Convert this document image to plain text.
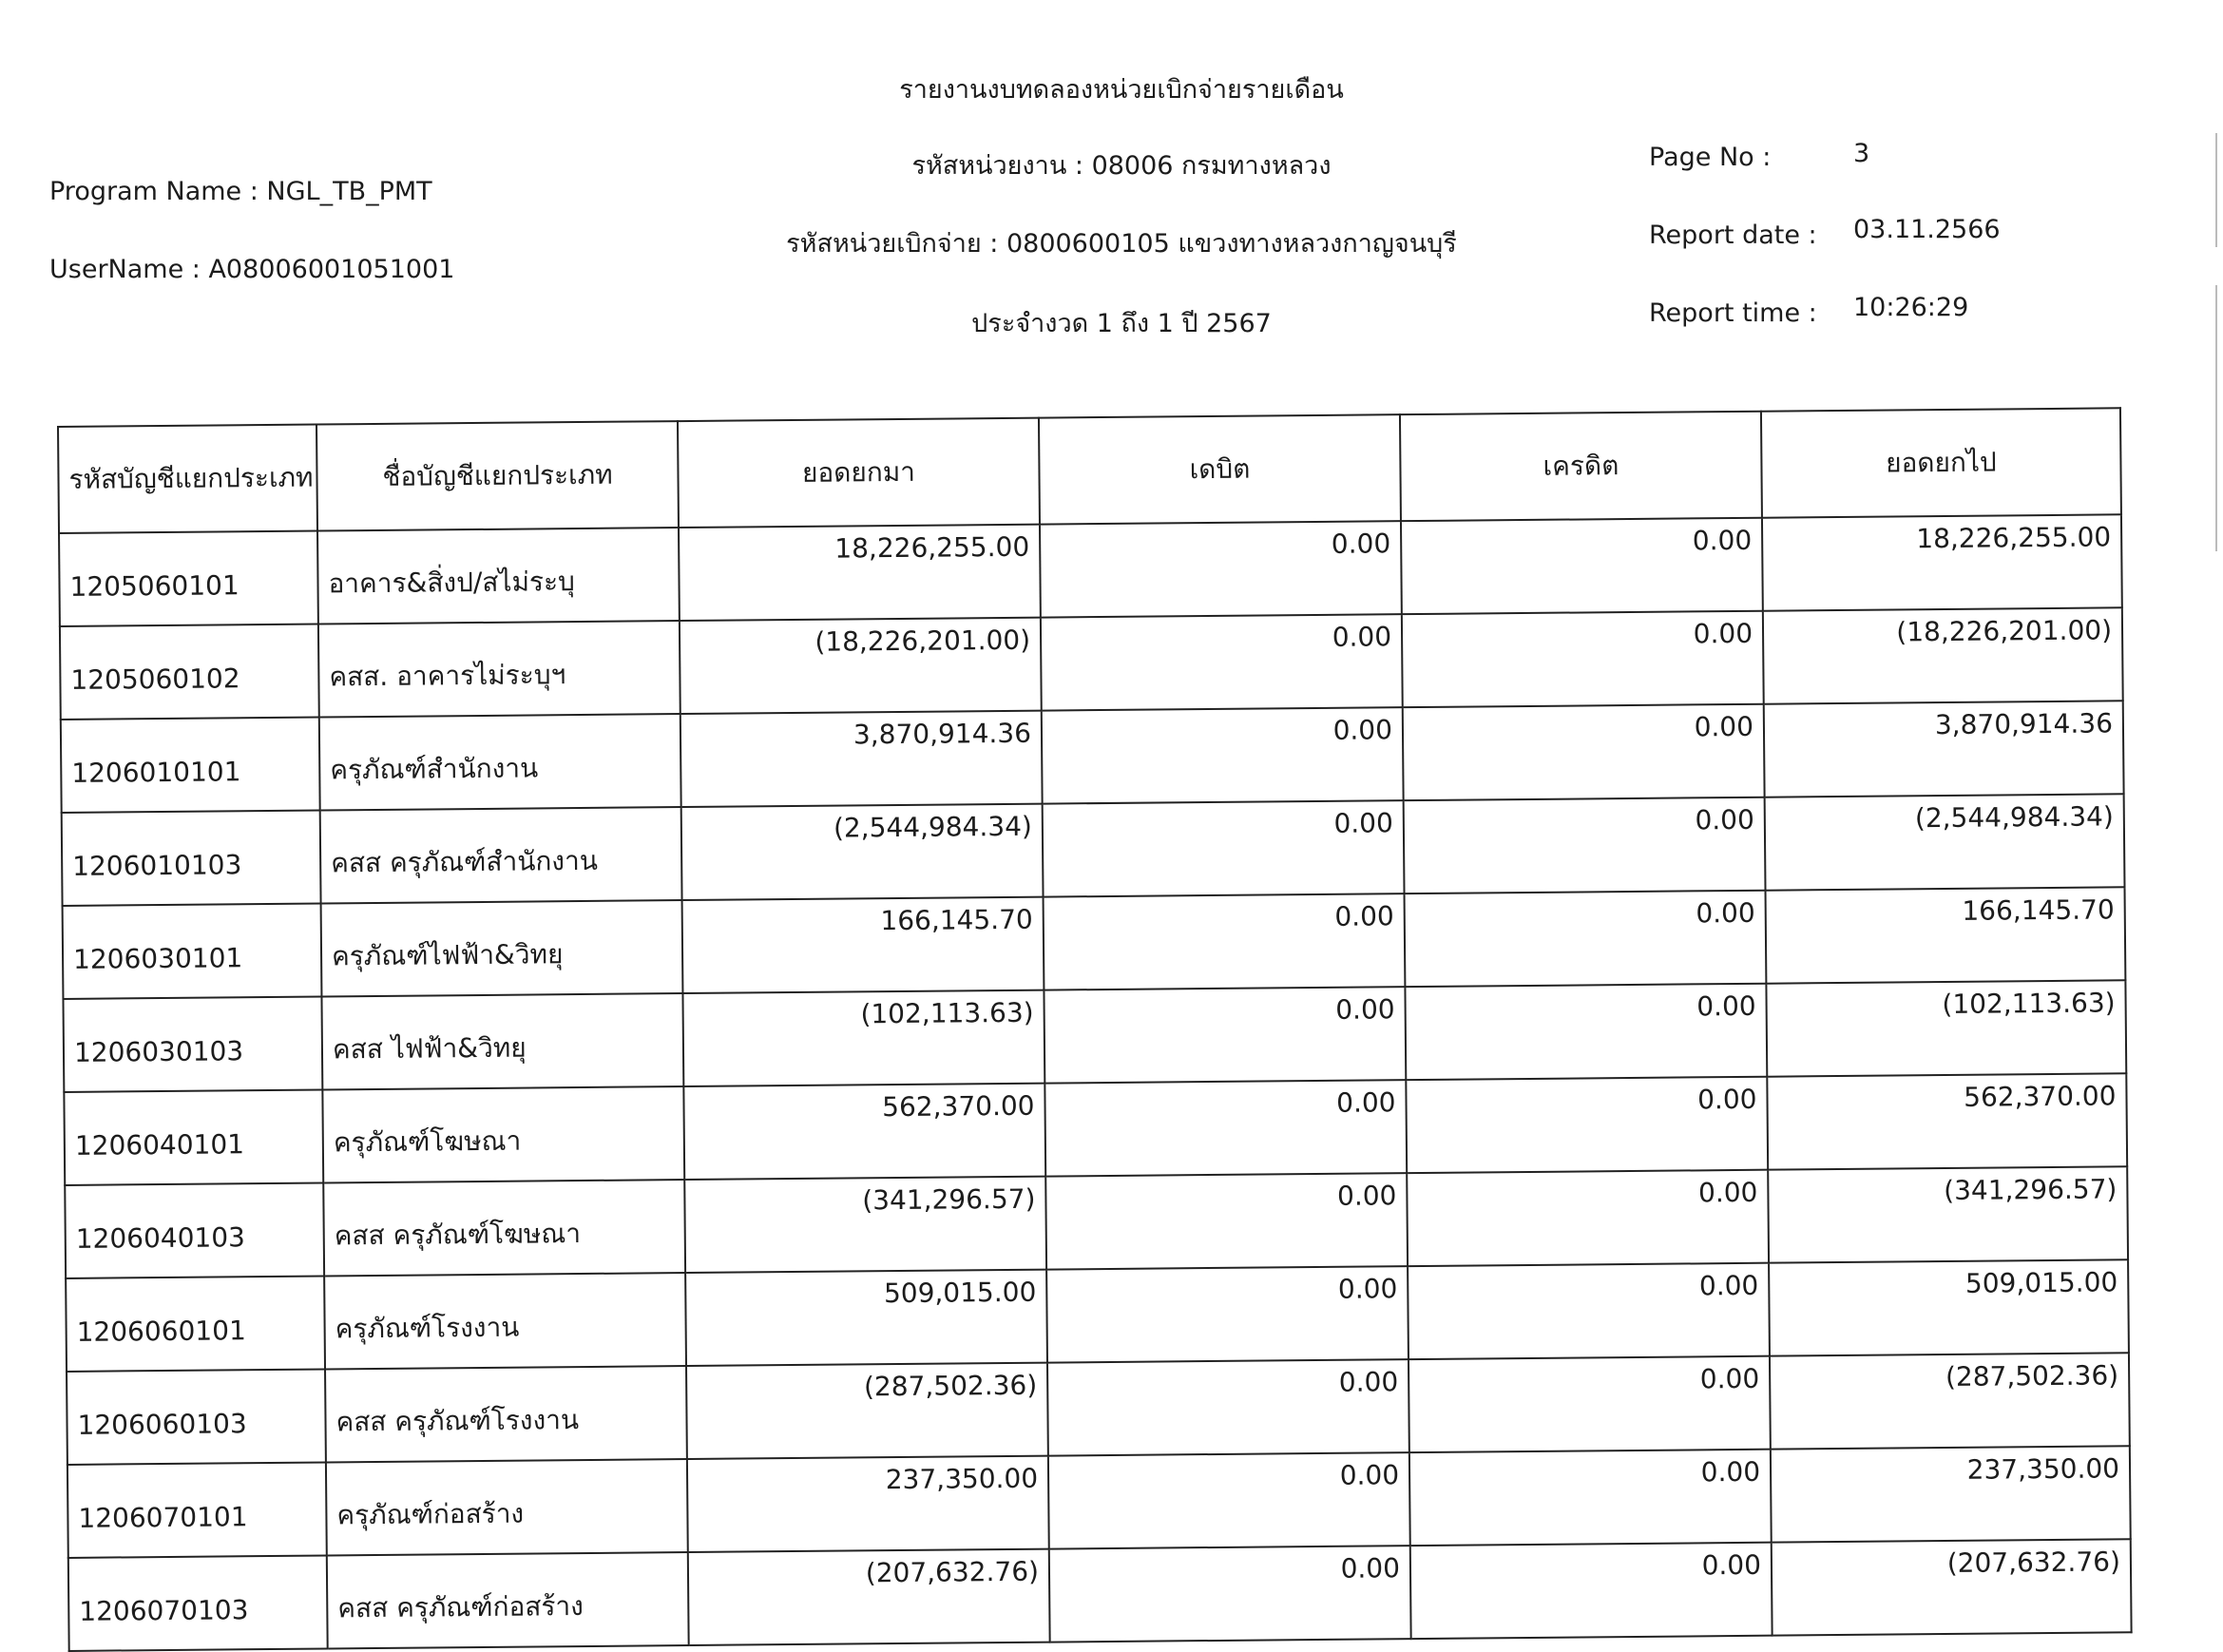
รายงานงบทดลองหน่วยเบิกจ่ายรายเดือน
รหัสหน่วยงาน : 08006 กรมทางหลวง
รหัสหน่วยเบิกจ่าย : 0800600105 แขวงทางหลวงกาญจนบุรี
ประจำงวด 1 ถึง 1 ปี 2567
Program Name : NGL_TB_PMT
UserName : A08006001051001
Page No :	3
Report date : 03.11.2566
Report time : 10:26:29
รหัสบัญชีแยกประเภท	ชื่อบัญชีแยกประเภท	ยอดยกมา	เดบิต	เครดิต	ยอดยกไป
1205060101	อาคาร&สิ่งป/สไม่ระบุ	18,226,255.00	0.00	0.00	18,226,255.00
1205060102	คสส. อาคารไม่ระบุฯ	(18,226,201.00)	0.00	0.00	(18,226,201.00)
1206010101	ครุภัณฑ์สำนักงาน	3,870,914.36	0.00	0.00	3,870,914.36
1206010103	คสส ครุภัณฑ์สำนักงาน	(2,544,984.34)	0.00	0.00	(2,544,984.34)
1206030101	ครุภัณฑ์ไฟฟ้า&วิทยุ	166,145.70	0.00	0.00	166,145.70
1206030103	คสส ไฟฟ้า&วิทยุ	(102,113.63)	0.00	0.00	(102,113.63)
1206040101	ครุภัณฑ์โฆษณา	562,370.00	0.00	0.00	562,370.00
1206040103	คสส ครุภัณฑ์โฆษณา	(341,296.57)	0.00	0.00	(341,296.57)
1206060101	ครุภัณฑ์โรงงาน	509,015.00	0.00	0.00	509,015.00
1206060103	คสส ครุภัณฑ์โรงงาน	(287,502.36)	0.00	0.00	(287,502.36)
1206070101	ครุภัณฑ์ก่อสร้าง	237,350.00	0.00	0.00	237,350.00
1206070103	คสส ครุภัณฑ์ก่อสร้าง	(207,632.76)	0.00	0.00	(207,632.76)
